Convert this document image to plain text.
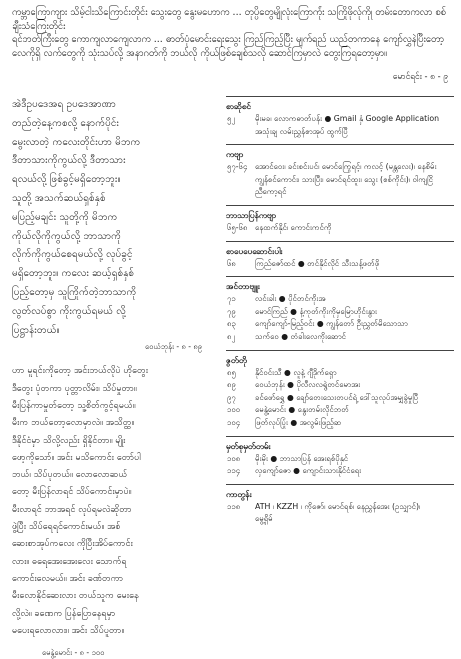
ကမ္ဘာကြောကျား သိမ့်ငါးသိကြောင်းတိုင်း သွေးတွေ နွေးမဟောက ... တုပ္ပိတွေမျိုလုံးကြောက်ုံး သကြိုဖိုလ်ုကိုု တမ်းတောကလာ စစ်ချီးသံကြေးတိုင်း
ရင်ဘတ်ကြီးတွေ ကောကျလာကျေလာက ... ဓာတ်ပုံမောင်းရေးသွေး ကြည်ကြည့်ပြီး မျက်ရည် ယည်တကာနေ ကျော်လွှနဲပြီးတော့
လေကိုရှိ လက်တွေကို သုံးသပ်လို့ အနာဂတ်ကို ဘယ်လို ကိုယ်ဖြစ်ချေစ်သလို ဆောင်ကြမှာလဲ တွေးကြရတော့မှာ။
မောင်ရင်း - ၈ - ၉
အဲဒီဥပဒေအရ ဥပဒေအာဏာ
တည်တဲ့နေ့ကစလို့ နောက်ပိုင်း
မွေးလာတဲ့ ကလေးတိုင်းဟာ မိဘက
ဒီတာသားကိုကွယ်လို့ ဒီတာသား
ရလယ်လို့ ဖြစ်ခွင့်မရှိတော့ဘူး။
သူတို့ အသက်ဆယ်ရှစ်နှစ်
မပြည့်မချင်း သူတို့ကို မိဘက
ကိုယ်လိုကိုကွယ်လို့ ဘာသာကို
လိုက်ကိုကွယ်စေရမယ်လို့ လုပ်ခွင့်
မရှိတော့ဘူး။ ကလေး ဆယ့်ရှစ်နှစ်
ပြည့်တော့မှ သူကြိုက်တဲ့ဘာသာကို
လွတ်လပ်စွာ ကိုးကွယ်ရမယ် လို့
ပြဋ္ဌာန်းတယ်။
ဝေယံဘုန်း - ၈ - ၈၉
ဟာ မူရင်းကိုတော့ အင်းဘယ်လိုပဲ ဟိုတွေး
ဒီတွေး ပုံတကာ ပုတ္တာလိမ်း၊ သိပ်မှုတာ။
မီးပြန်ကာမှုတ်တော့ သူ့စိတ်ကွင့်ရမယ်။
မီးက ဘယ်တော့လောမှာလဲ။ အသိတ္ထ။
ဒီနိုင်ငံမှာ သိလို့လည်း ရှိနိုင်တာ။ မျိုး
ဖော့ကိုသော်။ အင်း မသိကောင်း တော်ပါ
ဘယ်၊ သိပ်ပုတယ်။ လောလောဆယ်
တော့ မီးပြန်လာရင် သိပ်ကောင်းမှာပဲ။
မီးလာရင် ဘာအရင် လုပ်ရမလဲဆိုတာ
ဖွဲ့ပြီး သိပ်ရေရင်ကောင်းမယ်။ အစ်
ဆေးစာအုပ်ကလေး ကိုပြီးအိပ်ကောင်း
လား။ ဓရေအေးအေးလေး သောက်ရ
ကောင်းလေမယ်။ အင်း ခဏ်တကာ
မီးလောနိုင်ဆေးလား တယ်သူက မေးနေ
လို့လဲ။ ခဏေက ပြန်ပြောနေရမှာ
မပေးရလောလား။ အင်း သိပ်ပူတာ။
မေနွဲ့မောင်း - ၈ - ၁၀၀
စာဆိုစင်
၅၂	မိုးမခ၊ လောကဓာတ်ပန်း ● Gmail နှံ Google Application
အသုံးချ လမ်းညွှန်စာအုပ် ထွက်ပြီ
ကဗျာ
၅၇-၆၄ အောင်ဝေး၊ ခင်းစင်းပင်၊ မောင်ကြွေရင့်၊ ကလင့် (မန္တလေး)၊ နေစိမ်း
ကျွန်စင်ကောင်း၊ သားပြီး၊ မောင်ရင်ထူး၊ သွေး (စစ်ကိုင်း)၊ ဝါကျငြိ
ညီကော့ရင်
ဘာသာပြန်ကဗျာ
၆၅-၆၈ နေထက်နိုင်၊ ကောင်းကင်ကို
စာပေပေဆောင်းပါး
၆၈	ကြည်ဇော်ထင် ● တင်နိုင်လိုင် သီးသန့်ဖတ်ဖို
အင်တာဗျူး
၇၁	လင်းခါး ● ပိုင်တင်ကိုးအ
၇၉	မောင်ကြည် ● နံ့ကုတ်ကိုးကိုမှမြောဟိုင်းနွား
၈၃	ကျော်ကျော်-မြည့်ဝင်း ● ကျွန်တော် ဦးညွှတ်မိသောသာ
၈၂	သက်ဝေ ● တံခါးလေကိုးဆောင်
ဇွတ်တို
၈၅	နိုင်ဝင်းသီ ● လူနဲ့ ဂျီဒိုက်ရှော
၈၉	ဝေယံဘုန်း ● ပိုလီလလရွဲတင်မောအး
၉၇	ခင်ဖော်ရွှေ ● ချော်တေးသေးတပင်ရဲ့ ဒေါ်သူလုပ်အမျှခွဲမှုပြီ
၁၀၀	မေနွဲ့မောင်း ● နွေးတမ်းလိုင်ဘတ်
၁၀၄	ဖြတ်လုပ်ပြုံး ● အလွမ်းဖြည့်ဆ
မှတ်စုမှတ်တမ်း
၁၀၈	မိုးမိုး ● ဘာသာပြန် အေးရစ်ပိုနှင်
၁၁၄	လှကျော်ဇော ● ကျောင်းသားနိုင်ငံရေး
ကာတွန်း
၁၁၈	ATH ၊ KZZH ၊ ကိုဇော်၊ မောင်ရစ်၊ နေညွှန်အေး (ဥသျှာင်)၊
မွေ့ရှိမ်
